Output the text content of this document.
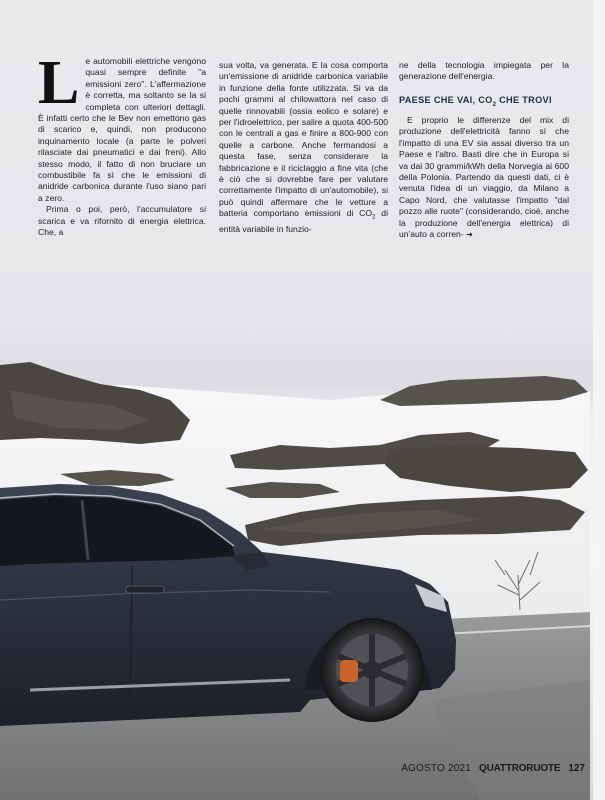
Le automobili elettriche vengono quasi sempre definite "a emissioni zero". L'affermazione è corretta, ma soltanto se la si completa con ulteriori dettagli. È infatti certo che le Bev non emettono gas di scarico e, quindi, non producono inquinamento locale (a parte le polveri rilasciate dai pneumatici e dai freni). Allo stesso modo, il fatto di non bruciare un combustibile fa sì che le emissioni di anidride carbonica durante l'uso siano pari a zero.

Prima o poi, però, l'accumulatore si scarica e va rifornito di energia elettrica. Che, a

sua volta, va generata. E la cosa comporta un'emissione di anidride carbonica variabile in funzione della fonte utilizzata. Si va da pochi grammi al chilowattora nel caso di quelle rinnovabili (ossia eolico e solare) e per l'idroelettrico, per salire a quota 400-500 con le centrali a gas e finire a 800-900 con quelle a carbone. Anche fermandosi a questa fase, senza considerare la fabbricazione e il riciclaggio a fine vita (che è ciò che si dovrebbe fare per valutare correttamente l'impatto di un'automobile), si può quindi affermare che le vetture a batteria comportano emissioni di $CO_2$ di entità variabile in funzio-

ne della tecnologia impiegata per la generazione dell'energia.

PAESE CHE VAI, $CO_2$ CHE TROVI

E proprio le differenze del mix di produzione dell'elettricità fanno sì che l'impatto di una EV sia assai diverso tra un Paese e l'altro. Basti dire che in Europa si va dai 30 grammi/kWh della Norvegia ai 600 della Polonia. Partendo da questi dati, ci è venuta l'idea di un viaggio, da Milano a Capo Nord, che valutasse l'impatto "dal pozzo alle ruote" (considerando, cioè, anche la produzione dell'energia elettrica) di un'auto a corren- ➜

AGOSTO 2021 QUATTRORUOTE 127
